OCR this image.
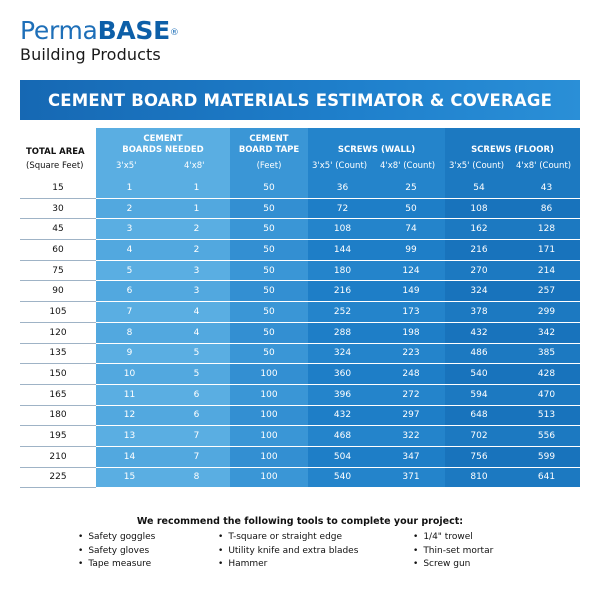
PermaBASE®
Building Products
CEMENT BOARD MATERIALS ESTIMATOR & COVERAGE
TOTAL AREA
(Square Feet)
CEMENT
BOARDS NEEDED
3'x5'	4'x8'
CEMENT
BOARD TAPE
(Feet)
SCREWS (WALL)
3'x5' (Count) 4'x8' (Count)
SCREWS (FLOOR)
3'x5' (Count) 4'x8' (Count)
15	1	1	50	36	25	54	43
30	2	1	50	72	50	108	86
45	3	2	50	108	74	162	128
60	4	2	50	144	99	216	171
75	5	3	50	180	124	270	214
90	6	3	50	216	149	324	257
105	7	4	50	252	173	378	299
120	8	4	50	288	198	432	342
135	9	5	50	324	223	486	385
150	10	5	100	360	248	540	428
165	11	6	100	396	272	594	470
180	12	6	100	432	297	648	513
195	13	7	100	468	322	702	556
210	14	7	100	504	347	756	599
225	15	8	100	540	371	810	641
We recommend the following tools to complete your project:
• Safety goggles
• Safety gloves
• Tape measure
• T-square or straight edge
• Utility knife and extra blades
• Hammer
• 1/4" trowel
• Thin-set mortar
• Screw gun
